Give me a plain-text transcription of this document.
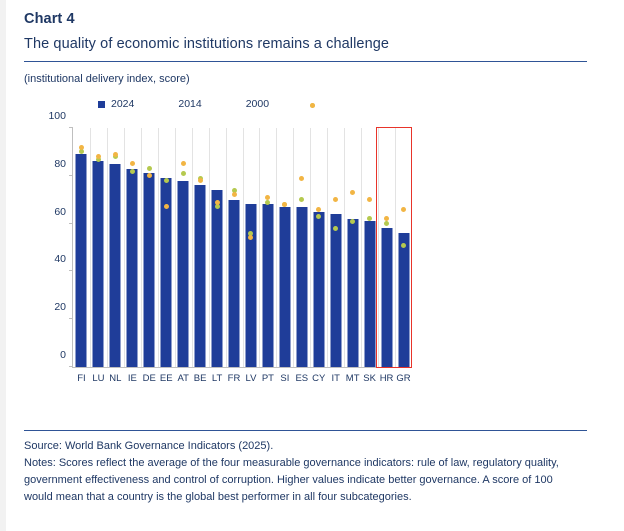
Chart 4
The quality of economic institutions remains a challenge
(institutional delivery index, score)
2024	2014	2000
FI LU NL IE DE EE AT BE LT FR LV PT SI ES CY IT MT SK HR GR
0
20
40
60
80
100
Source: World Bank Governance Indicators (2025).
Notes: Scores reflect the average of the four measurable governance indicators: rule of law, regulatory quality, government effectiveness and control of corruption. Higher values indicate better governance. A score of 100 would mean that a country is the global best performer in all four subcategories.
